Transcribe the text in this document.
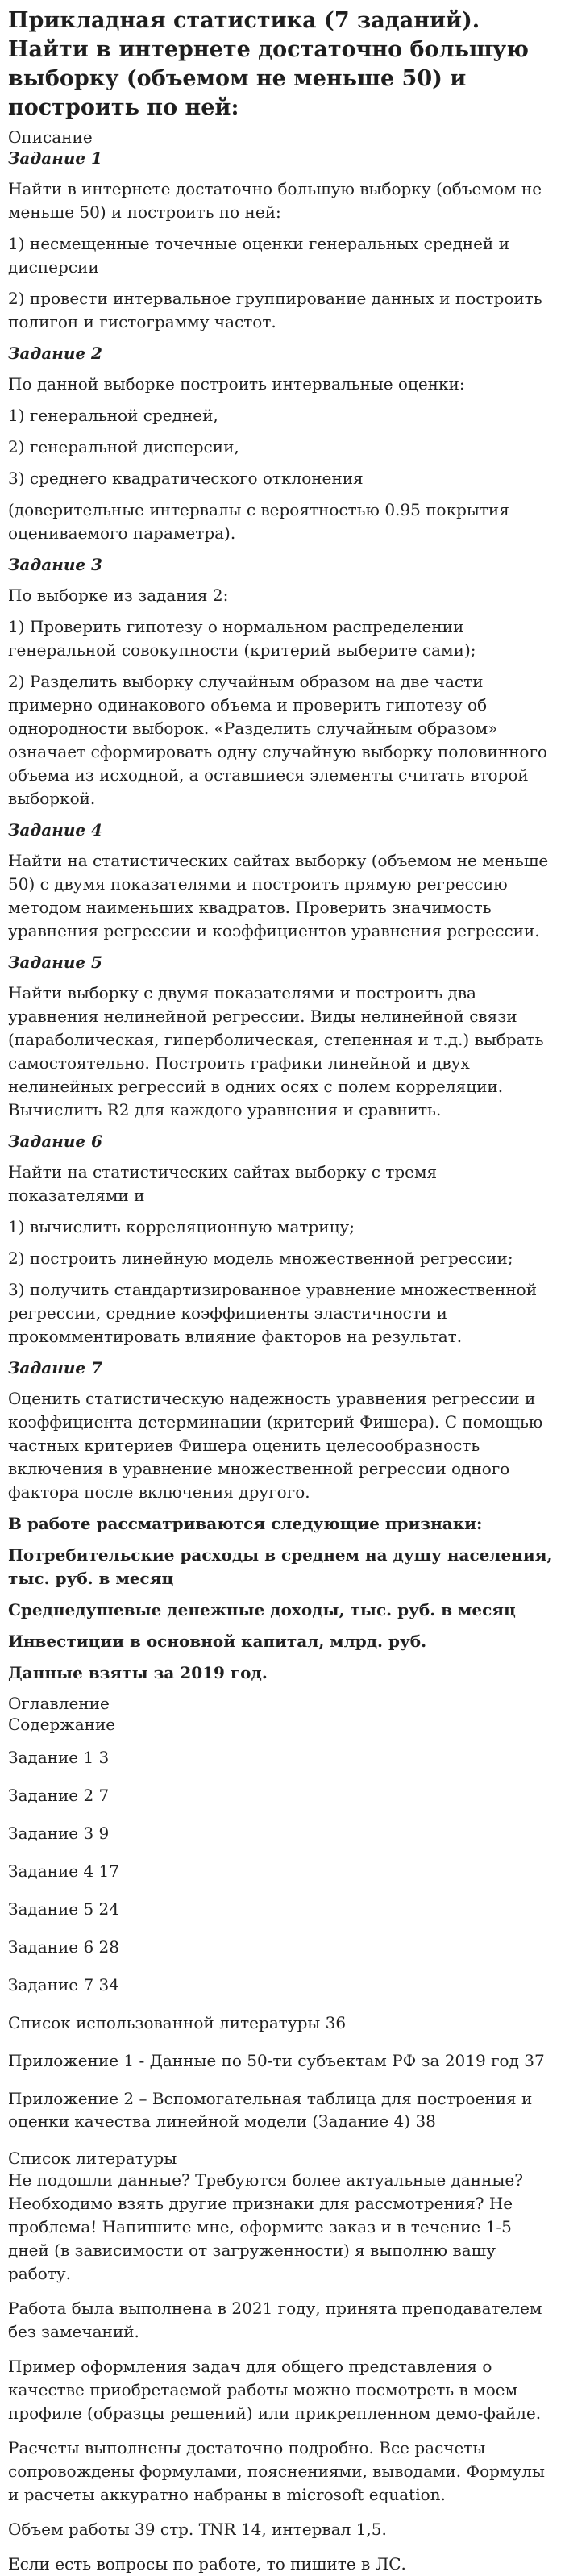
Прикладная статистика (7 заданий). Найти в интернете достаточно большую выборку (объемом не меньше 50) и построить по ней:

Описание

Задание 1

Найти в интернете достаточно большую выборку (объемом не меньше 50) и построить по ней:

1) несмещенные точечные оценки генеральных средней и дисперсии

2) провести интервальное группирование данных и построить полигон и гистограмму частот.

Задание 2

По данной выборке построить интервальные оценки:

1) генеральной средней,

2) генеральной дисперсии,

3) среднего квадратического отклонения

(доверительные интервалы с вероятностью 0.95 покрытия оцениваемого параметра).

Задание 3

По выборке из задания 2:

1) Проверить гипотезу о нормальном распределении генеральной совокупности (критерий выберите сами);

2) Разделить выборку случайным образом на две части примерно одинакового объема и проверить гипотезу об однородности выборок. «Разделить случайным образом» означает сформировать одну случайную выборку половинного объема из исходной, а оставшиеся элементы считать второй выборкой.

Задание 4

Найти на статистических сайтах выборку (объемом не меньше 50) с двумя показателями и построить прямую регрессию методом наименьших квадратов. Проверить значимость уравнения регрессии и коэффициентов уравнения регрессии.

Задание 5

Найти выборку с двумя показателями и построить два уравнения нелинейной регрессии. Виды нелинейной связи (параболическая, гиперболическая, степенная и т.д.) выбрать самостоятельно. Построить графики линейной и двух нелинейных регрессий в одних осях с полем корреляции. Вычислить R2 для каждого уравнения и сравнить.

Задание 6

Найти на статистических сайтах выборку с тремя показателями и

1) вычислить корреляционную матрицу;

2) построить линейную модель множественной регрессии;

3) получить стандартизированное уравнение множественной регрессии, средние коэффициенты эластичности и прокомментировать влияние факторов на результат.

Задание 7

Оценить статистическую надежность уравнения регрессии и коэффициента детерминации (критерий Фишера). С помощью частных критериев Фишера оценить целесообразность включения в уравнение множественной регрессии одного фактора после включения другого.

В работе рассматриваются следующие признаки:

Потребительские расходы в среднем на душу населения, тыс. руб. в месяц

Среднедушевые денежные доходы, тыс. руб. в месяц

Инвестиции в основной капитал, млрд. руб.

Данные взяты за 2019 год.

Оглавление

Содержание

Задание 1 3

Задание 2 7

Задание 3 9

Задание 4 17

Задание 5 24

Задание 6 28

Задание 7 34

Список использованной литературы 36

Приложение 1 - Данные по 50-ти субъектам РФ за 2019 год 37

Приложение 2 – Вспомогательная таблица для построения и оценки качества линейной модели (Задание 4) 38

Список литературы

Не подошли данные? Требуются более актуальные данные? Необходимо взять другие признаки для рассмотрения? Не проблема! Напишите мне, оформите заказ и в течение 1-5 дней (в зависимости от загруженности) я выполню вашу работу.

Работа была выполнена в 2021 году, принята преподавателем без замечаний.

Пример оформления задач для общего представления о качестве приобретаемой работы можно посмотреть в моем профиле (образцы решений) или прикрепленном демо-файле.

Расчеты выполнены достаточно подробно. Все расчеты сопровождены формулами, пояснениями, выводами. Формулы и расчеты аккуратно набраны в microsoft equation.

Объем работы 39 стр. TNR 14, интервал 1,5.

Если есть вопросы по работе, то пишите в ЛС.
